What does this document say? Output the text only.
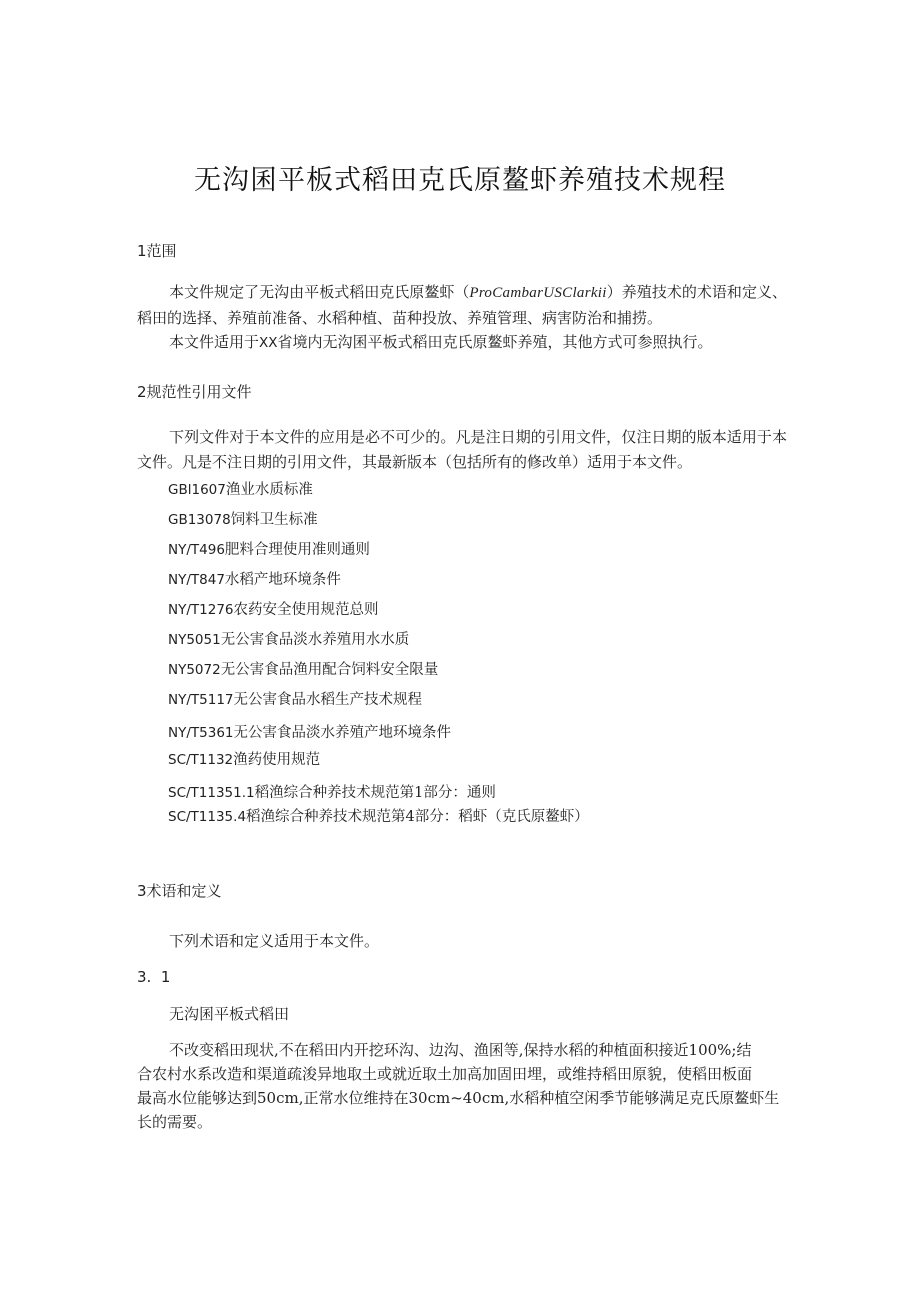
无沟囷平板式稻田克氏原鳌虾养殖技术规程
1范围
本文件规定了无沟由平板式稻田克氏原鳌虾（ProCambarUSClarkii）养殖技术的术语和定义、稻田的选择、养殖前准备、水稻种植、苗种投放、养殖管理、病害防治和捕捞。
本文件适用于XX省境内无沟囷平板式稻田克氏原鳌虾养殖，其他方式可参照执行。
2规范性引用文件
下列文件对于本文件的应用是必不可少的。凡是注日期的引用文件，仅注日期的版本适用于本文件。凡是不注日期的引用文件，其最新版本（包括所有的修改单）适用于本文件。
GBl1607渔业水质标准
GB13078饲料卫生标准
NY/T496肥料合理使用准则通则
NY/T847水稻产地环境条件
NY/T1276农药安全使用规范总则
NY5051无公害食品淡水养殖用水水质
NY5072无公害食品渔用配合饲料安全限量
NY/T5117无公害食品水稻生产技术规程
NY/T5361无公害食品淡水养殖产地环境条件
SC/T1132渔药使用规范
SC/T11351.1稻渔综合种养技术规范第1部分：通则
SC/T1135.4稻渔综合种养技术规范第4部分：稻虾（克氏原鳌虾）
3术语和定义
下列术语和定义适用于本文件。
3.  1
无沟囷平板式稻田
不改变稻田现状,不在稻田内开挖环沟、边沟、渔囷等,保持水稻的种植面积接近100%;结
合农村水系改造和渠道疏浚异地取土或就近取土加高加固田埋，或维持稻田原貌，使稻田板面
最高水位能够达到50cm,正常水位维持在30cm~40cm,水稻种植空闲季节能够满足克氏原鳌虾生
长的需要。
